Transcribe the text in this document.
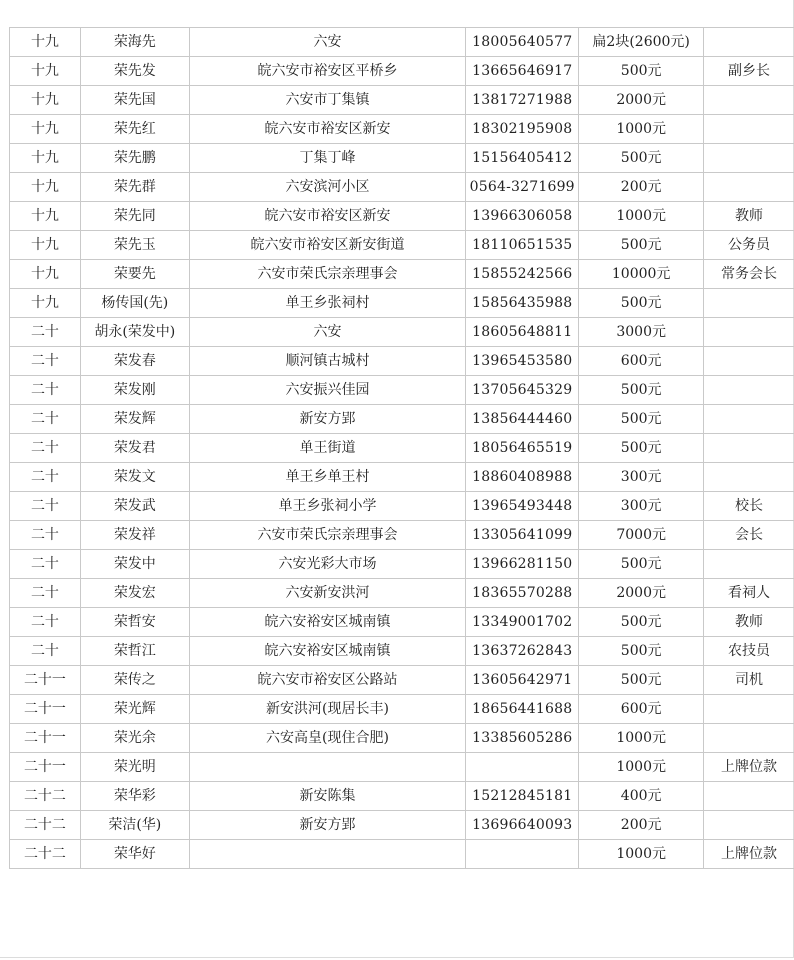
十九	荣海先	六安	18005640577	扁2块(2600元)	
十九	荣先发	皖六安市裕安区平桥乡	13665646917	500元	副乡长
十九	荣先国	六安市丁集镇	13817271988	2000元	
十九	荣先红	皖六安市裕安区新安	18302195908	1000元	
十九	荣先鹏	丁集丁峰	15156405412	500元	
十九	荣先群	六安滨河小区	0564-3271699	200元	
十九	荣先同	皖六安市裕安区新安	13966306058	1000元	教师
十九	荣先玉	皖六安市裕安区新安街道	18110651535	500元	公务员
十九	荣要先	六安市荣氏宗亲理事会	15855242566	10000元	常务会长
十九	杨传国(先)	单王乡张祠村	15856435988	500元	
二十	胡永(荣发中)	六安	18605648811	3000元	
二十	荣发春	顺河镇古城村	13965453580	600元	
二十	荣发刚	六安振兴佳园	13705645329	500元	
二十	荣发辉	新安方郢	13856444460	500元	
二十	荣发君	单王街道	18056465519	500元	
二十	荣发文	单王乡单王村	18860408988	300元	
二十	荣发武	单王乡张祠小学	13965493448	300元	校长
二十	荣发祥	六安市荣氏宗亲理事会	13305641099	7000元	会长
二十	荣发中	六安光彩大市场	13966281150	500元	
二十	荣发宏	六安新安洪河	18365570288	2000元	看祠人
二十	荣哲安	皖六安裕安区城南镇	13349001702	500元	教师
二十	荣哲江	皖六安裕安区城南镇	13637262843	500元	农技员
二十一	荣传之	皖六安市裕安区公路站	13605642971	500元	司机
二十一	荣光辉	新安洪河(现居长丰)	18656441688	600元	
二十一	荣光余	六安高皇(现住合肥)	13385605286	1000元	
二十一	荣光明			1000元	上牌位款
二十二	荣华彩	新安陈集	15212845181	400元	
二十二	荣洁(华)	新安方郢	13696640093	200元	
二十二	荣华好			1000元	上牌位款
